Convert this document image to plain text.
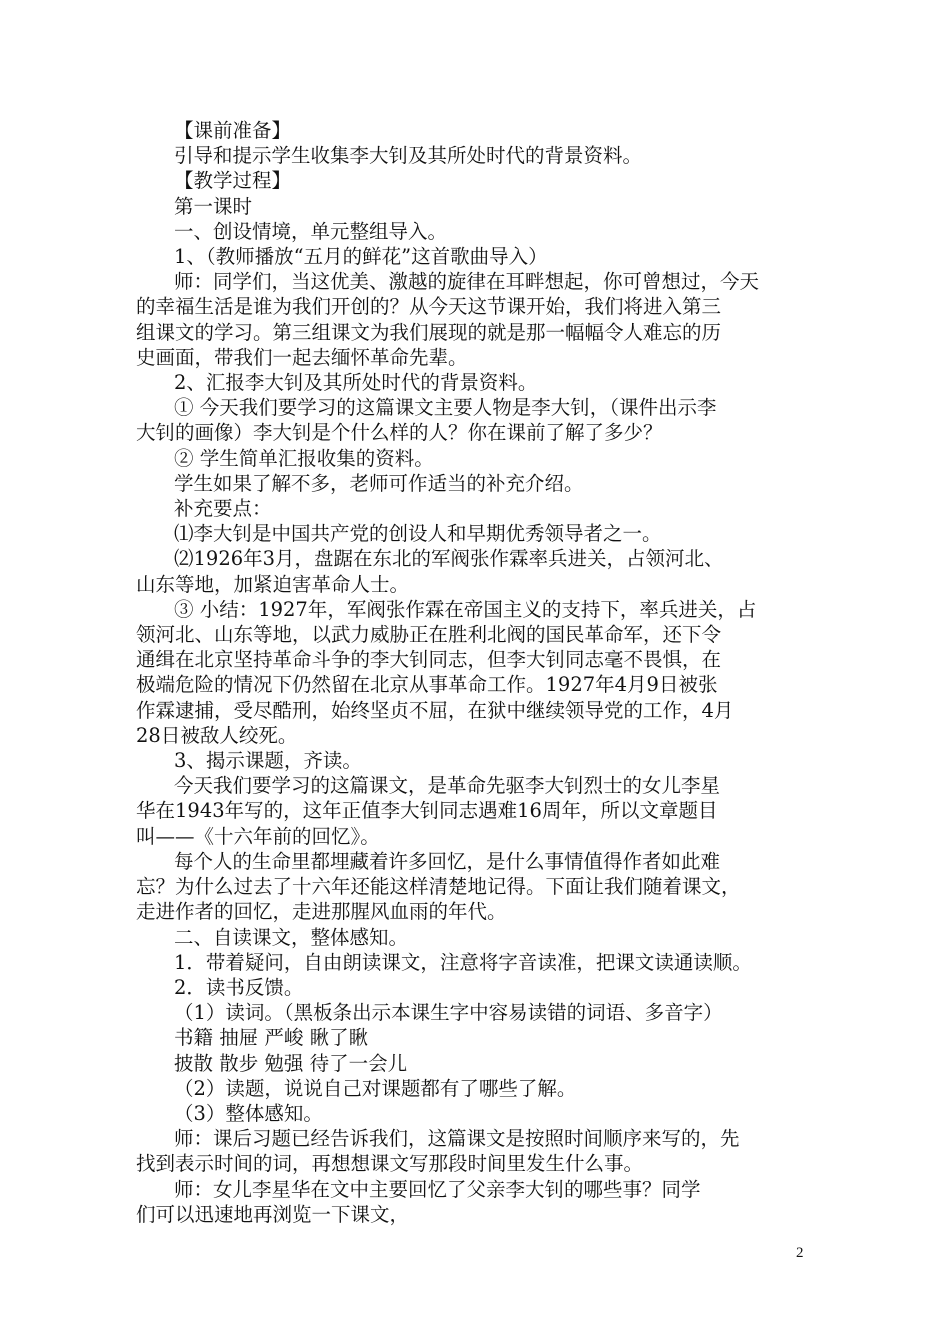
【课前准备】
引导和提示学生收集李大钊及其所处时代的背景资料。
【教学过程】
第一课时
一、创设情境，单元整组导入。
1、（教师播放“五月的鲜花”这首歌曲导入）
师：同学们，当这优美、激越的旋律在耳畔想起，你可曾想过，今天
的幸福生活是谁为我们开创的？从今天这节课开始，我们将进入第三
组课文的学习。第三组课文为我们展现的就是那一幅幅令人难忘的历
史画面，带我们一起去缅怀革命先辈。
2、汇报李大钊及其所处时代的背景资料。
① 今天我们要学习的这篇课文主要人物是李大钊，（课件出示李
大钊的画像）李大钊是个什么样的人？你在课前了解了多少？
② 学生简单汇报收集的资料。
学生如果了解不多，老师可作适当的补充介绍。
补充要点：
⑴李大钊是中国共产党的创设人和早期优秀领导者之一。
⑵1926年3月，盘踞在东北的军阀张作霖率兵进关，占领河北、
山东等地，加紧迫害革命人士。
③ 小结：1927年，军阀张作霖在帝国主义的支持下，率兵进关，占
领河北、山东等地，以武力威胁正在胜利北阀的国民革命军，还下令
通缉在北京坚持革命斗争的李大钊同志，但李大钊同志毫不畏惧，在
极端危险的情况下仍然留在北京从事革命工作。1927年4月9日被张
作霖逮捕，受尽酷刑，始终坚贞不屈，在狱中继续领导党的工作，4月
28日被敌人绞死。
3、揭示课题，齐读。
今天我们要学习的这篇课文，是革命先驱李大钊烈士的女儿李星
华在1943年写的，这年正值李大钊同志遇难16周年，所以文章题目
叫——《十六年前的回忆》。
每个人的生命里都埋藏着许多回忆，是什么事情值得作者如此难
忘？为什么过去了十六年还能这样清楚地记得。下面让我们随着课文，
走进作者的回忆，走进那腥风血雨的年代。
二、自读课文，整体感知。
1．带着疑问，自由朗读课文，注意将字音读准，把课文读通读顺。
2．读书反馈。
（1）读词。（黑板条出示本课生字中容易读错的词语、多音字）
书籍 抽屉 严峻 瞅了瞅
披散 散步 勉强 待了一会儿
（2）读题，说说自己对课题都有了哪些了解。
（3）整体感知。
师：课后习题已经告诉我们，这篇课文是按照时间顺序来写的，先
找到表示时间的词，再想想课文写那段时间里发生什么事。
师：女儿李星华在文中主要回忆了父亲李大钊的哪些事？同学
们可以迅速地再浏览一下课文，
2
